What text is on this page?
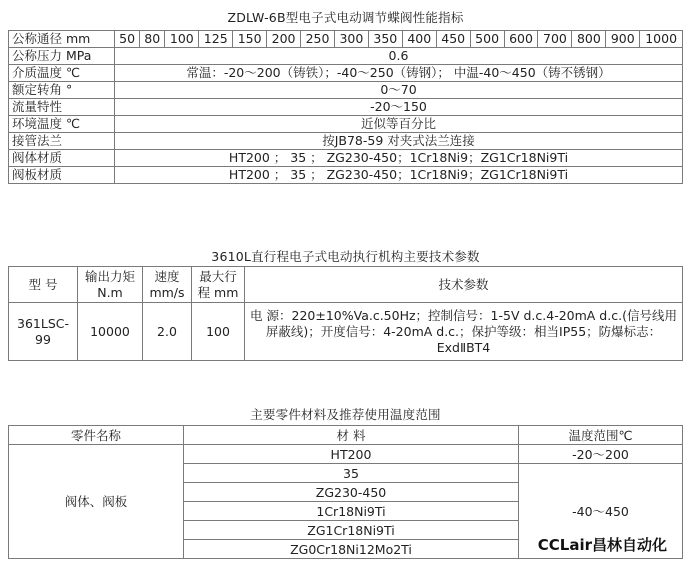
ZDLW-6B型电子式电动调节蝶阀性能指标
公称通径 mm	50	80	100	125	150	200	250	300	350	400	450	500	600	700	800	900	1000
公称压力 MPa	0.6																
介质温度 ℃	常温：-20～200（铸铁）；-40～250（铸钢）； 中温-40～450（铸不锈钢）																
额定转角 °	0～70																
流量特性	-20～150																
环境温度 ℃	近似等百分比																
接管法兰	按JB78-59 对夹式法兰连接																
阀体材质	HT200 ； 35 ； ZG230-450；1Cr18Ni9；ZG1Cr18Ni9Ti																
阀板材质	HT200 ； 35 ； ZG230-450；1Cr18Ni9；ZG1Cr18Ni9Ti																
3610L直行程电子式电动执行机构主要技术参数
型 号	输出力矩 N.m	速度 mm/s	最大行程 mm	技术参数
361LSC-99	10000	2.0	100	电 源：220±10%Va.c.50Hz；控制信号：1-5V d.c.4-20mA d.c.(信号线用屏蔽线)；开度信号：4-20mA d.c.；保护等级：相当IP55；防爆标志：ExdⅡBT4
主要零件材料及推荐使用温度范围
零件名称	材 料	温度范围℃
阀体、阀板	HT200	-20～200
	35	-40～450
	ZG230-450	
	1Cr18Ni9Ti	
	ZG1Cr18Ni9Ti	
	ZG0Cr18Ni12Mo2Ti		CCLair昌林自动化
